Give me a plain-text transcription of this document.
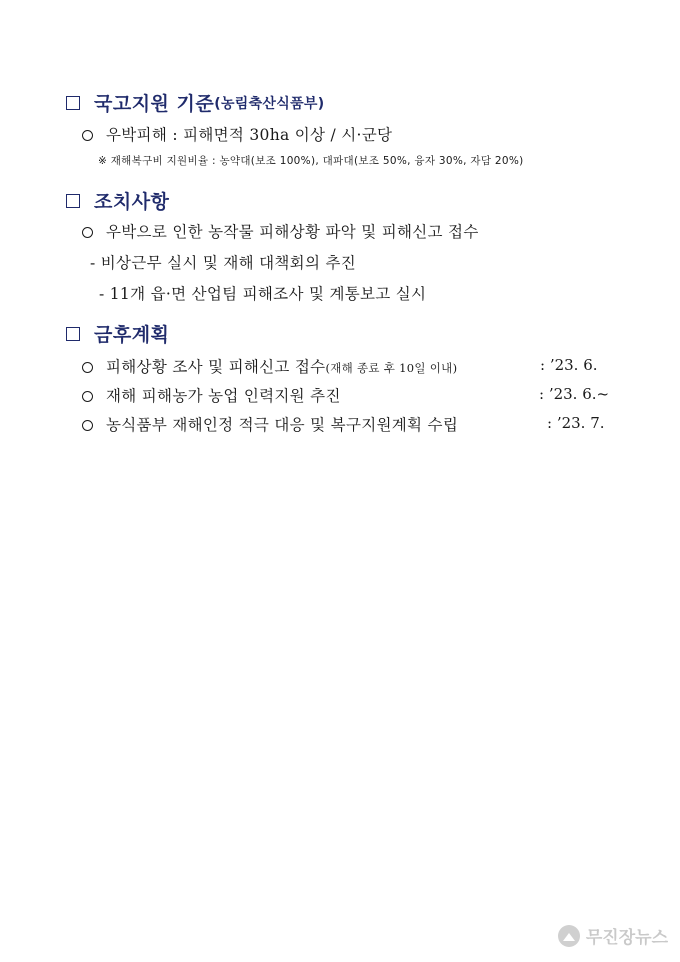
국고지원 기준 (농림축산식품부)
우박피해 : 피해면적 30ha 이상 / 시·군당
※ 재해복구비 지원비율 : 농약대(보조 100%), 대파대(보조 50%, 융자 30%, 자담 20%)
조치사항
우박으로 인한 농작물 피해상황 파악 및 피해신고 접수
- 비상근무 실시 및 재해 대책회의 추진
- 11개 읍·면 산업팀 피해조사 및 계통보고 실시
금후계획
피해상황 조사 및 피해신고 접수(재해 종료 후 10일 이내)	: ’23. 6.
재해 피해농가 농업 인력지원 추진	: ’23. 6.~
농식품부 재해인정 적극 대응 및 복구지원계획 수립	: ’23. 7.
무진장뉴스
